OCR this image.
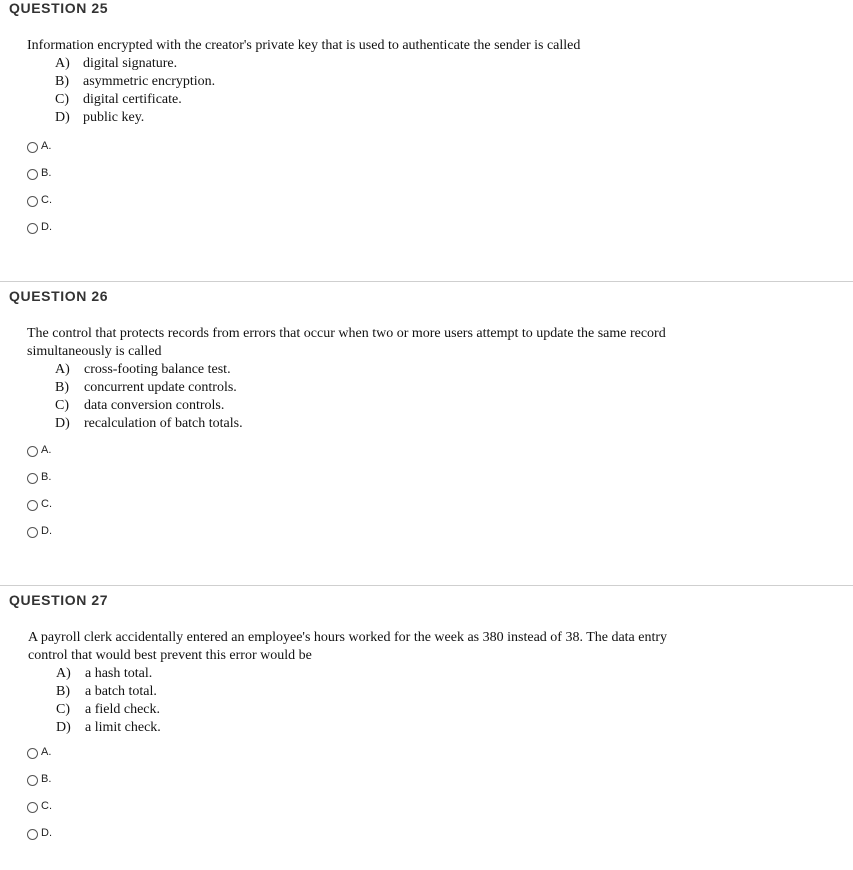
QUESTION 25

Information encrypted with the creator's private key that is used to authenticate the sender is called

A) digital signature.
B)	asymmetric encryption.
C)	digital certificate.
D) public key.
A.
B.
C.
D.
QUESTION 26

The control that protects records from errors that occur when two or more users attempt to update the same record simultaneously is called

A)	cross-footing balance test.
B)	concurrent update controls.
C)	data conversion controls.
D)	recalculation of batch totals.
A.
B.
C.
D.
QUESTION 27

A payroll clerk accidentally entered an employee's hours worked for the week as 380 instead of 38. The data entry control that would best prevent this error would be

A)	a hash total.
B)	a batch total.
C)	a field check.
D)	a limit check.
A.
B.
C.
D.
